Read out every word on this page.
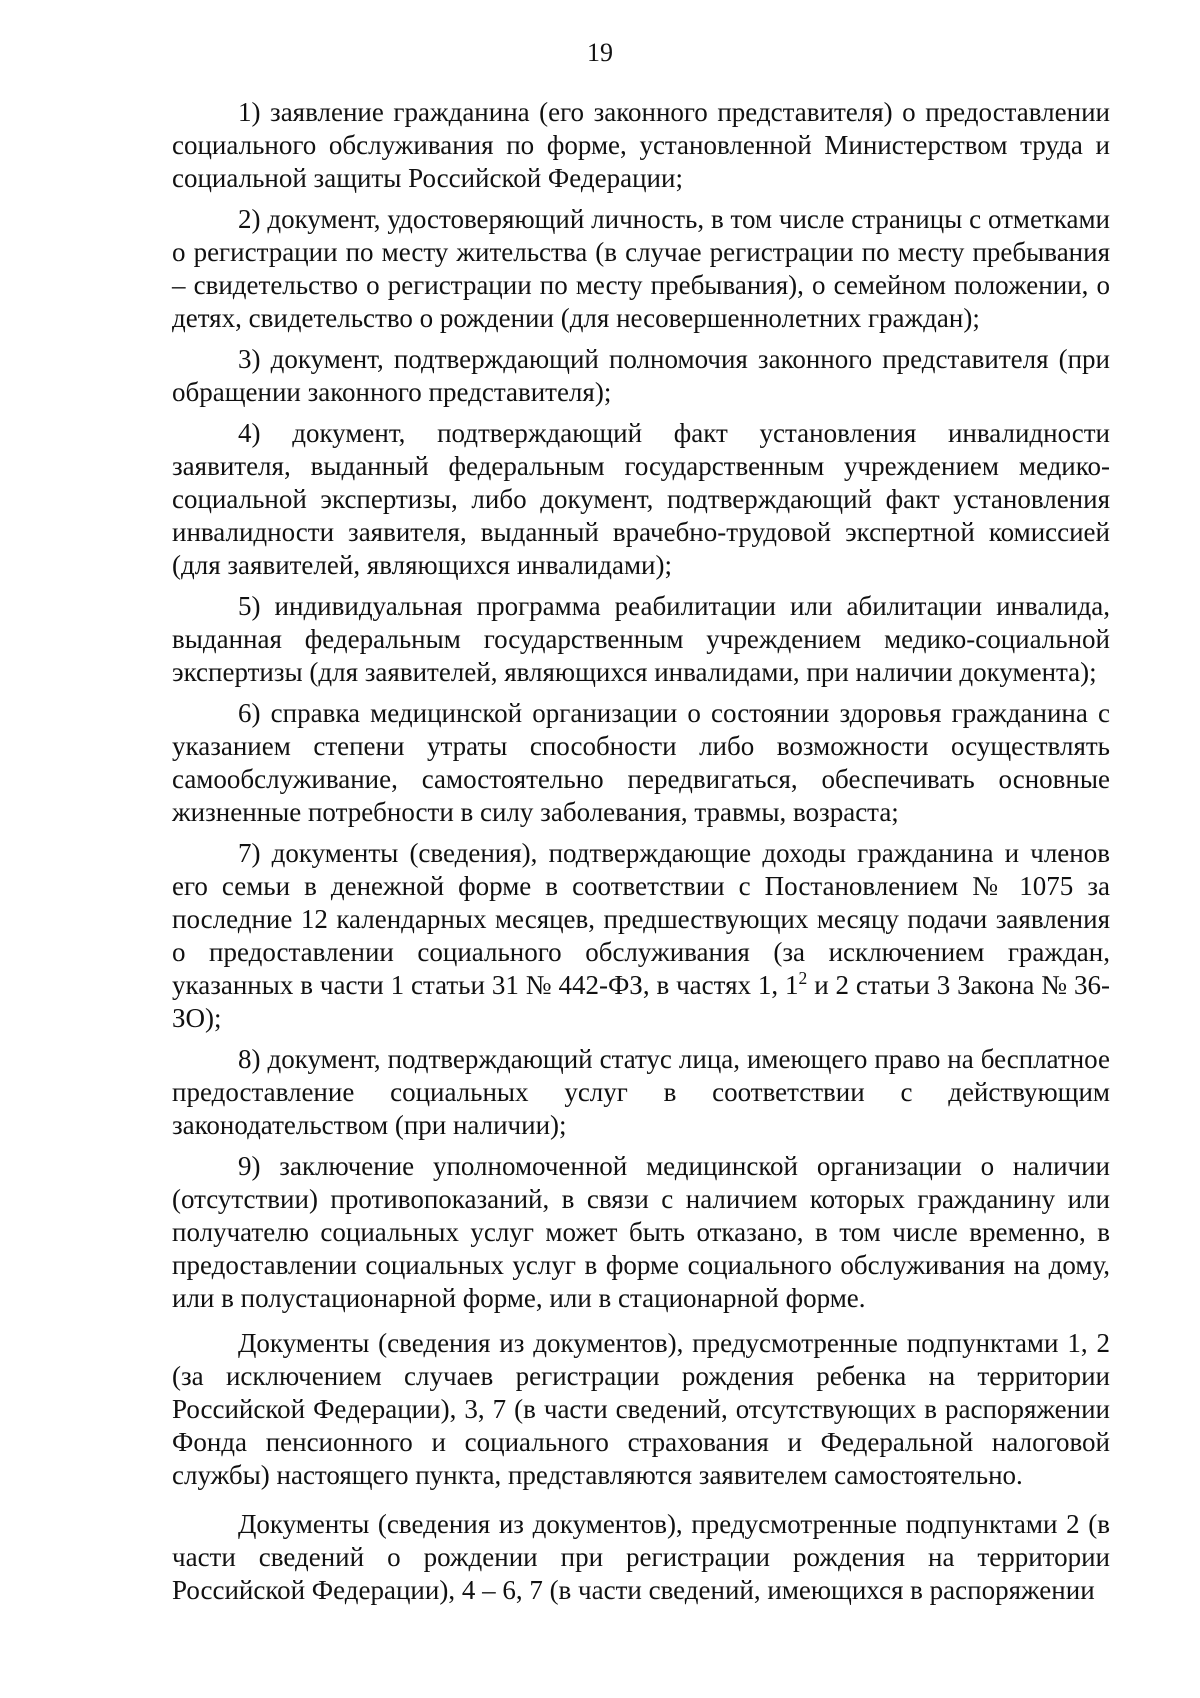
19

1) заявление гражданина (его законного представителя) о предоставлении социального обслуживания по форме, установленной Министерством труда и социальной защиты Российской Федерации;

2) документ, удостоверяющий личность, в том числе страницы с отметками о регистрации по месту жительства (в случае регистрации по месту пребывания – свидетельство о регистрации по месту пребывания), о семейном положении, о детях, свидетельство о рождении (для несовершеннолетних граждан);

3) документ, подтверждающий полномочия законного представителя (при обращении законного представителя);

4) документ, подтверждающий факт установления инвалидности заявителя, выданный федеральным государственным учреждением медико-социальной экспертизы, либо документ, подтверждающий факт установления инвалидности заявителя, выданный врачебно-трудовой экспертной комиссией (для заявителей, являющихся инвалидами);

5) индивидуальная программа реабилитации или абилитации инвалида, выданная федеральным государственным учреждением медико-социальной экспертизы (для заявителей, являющихся инвалидами, при наличии документа);

6) справка медицинской организации о состоянии здоровья гражданина с указанием степени утраты способности либо возможности осуществлять самообслуживание, самостоятельно передвигаться, обеспечивать основные жизненные потребности в силу заболевания, травмы, возраста;

7) документы (сведения), подтверждающие доходы гражданина и членов его семьи в денежной форме в соответствии с Постановлением № 1075 за последние 12 календарных месяцев, предшествующих месяцу подачи заявления о предоставлении социального обслуживания (за исключением граждан, указанных в части 1 статьи 31 № 442-ФЗ, в частях 1, $1^2$ и 2 статьи 3 Закона № 36-ЗО);

8) документ, подтверждающий статус лица, имеющего право на бесплатное предоставление социальных услуг в соответствии с действующим законодательством (при наличии);

9) заключение уполномоченной медицинской организации о наличии (отсутствии) противопоказаний, в связи с наличием которых гражданину или получателю социальных услуг может быть отказано, в том числе временно, в предоставлении социальных услуг в форме социального обслуживания на дому, или в полустационарной форме, или в стационарной форме.

Документы (сведения из документов), предусмотренные подпунктами 1, 2 (за исключением случаев регистрации рождения ребенка на территории Российской Федерации), 3, 7 (в части сведений, отсутствующих в распоряжении Фонда пенсионного и социального страхования и Федеральной налоговой службы) настоящего пункта, представляются заявителем самостоятельно.

Документы (сведения из документов), предусмотренные подпунктами 2 (в части сведений о рождении при регистрации рождения на территории Российской Федерации), 4 – 6, 7 (в части сведений, имеющихся в распоряжении
